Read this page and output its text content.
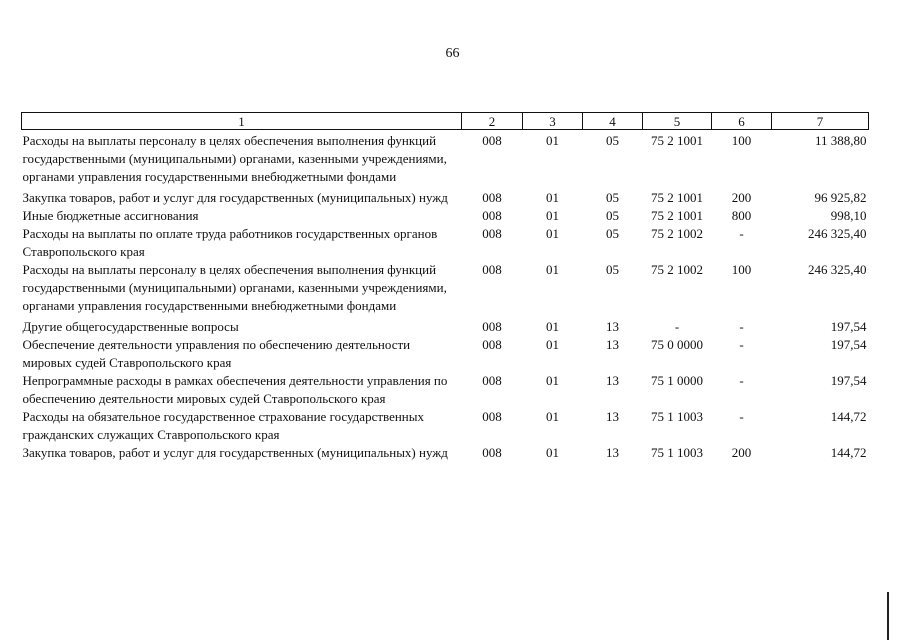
66
1	2	3	4	5	6	7
Расходы на выплаты персоналу в целях обеспечения выполнения функций государственными (муниципальными) органами, казенными учреждениями, органами управления государственными внебюджетными фондами	008	01	05	75 2 1001	100	11 388,80
Закупка товаров, работ и услуг для государственных (муниципальных) нужд	008	01	05	75 2 1001	200	96 925,82
Иные бюджетные ассигнования	008	01	05	75 2 1001	800	998,10
Расходы на выплаты по оплате труда работников государственных органов Ставропольского края	008	01	05	75 2 1002	-	246 325,40
Расходы на выплаты персоналу в целях обеспечения выполнения функций государственными (муниципальными) органами, казенными учреждениями, органами управления государственными внебюджетными фондами	008	01	05	75 2 1002	100	246 325,40
Другие общегосударственные вопросы	008	01	13	-	-	197,54
Обеспечение деятельности управления по обеспечению деятельности мировых судей Ставропольского края	008	01	13	75 0 0000	-	197,54
Непрограммные расходы в рамках обеспечения деятельности управления по обеспечению деятельности мировых судей Ставропольского края	008	01	13	75 1 0000	-	197,54
Расходы на обязательное государственное страхование государственных гражданских служащих Ставропольского края	008	01	13	75 1 1003	-	144,72
Закупка товаров, работ и услуг для государственных (муниципальных) нужд	008	01	13	75 1 1003	200	144,72
